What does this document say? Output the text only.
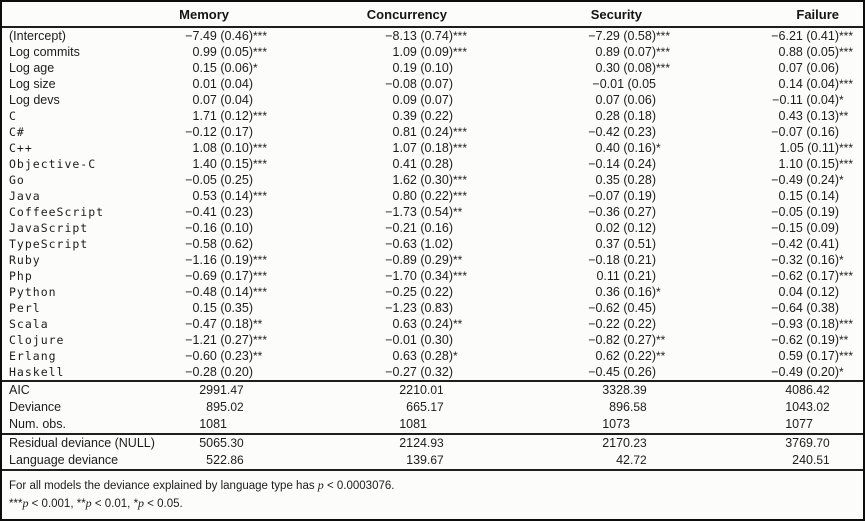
	Memory	Concurrency	Security	Failure
(Intercept)	−7.49 (0.46)***	−8.13 (0.74)***	−7.29 (0.58)***	−6.21 (0.41)***
Log commits	0.99 (0.05)***	1.09 (0.09)***	0.89 (0.07)***	0.88 (0.05)***
Log age	0.15 (0.06)*	0.19 (0.10)	0.30 (0.08)***	0.07 (0.06)
Log size	0.01 (0.04)	−0.08 (0.07)	−0.01 (0.05	0.14 (0.04)***
Log devs	0.07 (0.04)	0.09 (0.07)	0.07 (0.06)	−0.11 (0.04)*
C	1.71 (0.12)***	0.39 (0.22)	0.28 (0.18)	0.43 (0.13)**
C#	−0.12 (0.17)	0.81 (0.24)***	−0.42 (0.23)	−0.07 (0.16)
C++	1.08 (0.10)***	1.07 (0.18)***	0.40 (0.16)*	1.05 (0.11)***
Objective-C	1.40 (0.15)***	0.41 (0.28)	−0.14 (0.24)	1.10 (0.15)***
Go	−0.05 (0.25)	1.62 (0.30)***	0.35 (0.28)	−0.49 (0.24)*
Java	0.53 (0.14)***	0.80 (0.22)***	−0.07 (0.19)	0.15 (0.14)
CoffeeScript	−0.41 (0.23)	−1.73 (0.54)**	−0.36 (0.27)	−0.05 (0.19)
JavaScript	−0.16 (0.10)	−0.21 (0.16)	0.02 (0.12)	−0.15 (0.09)
TypeScript	−0.58 (0.62)	−0.63 (1.02)	0.37 (0.51)	−0.42 (0.41)
Ruby	−1.16 (0.19)***	−0.89 (0.29)**	−0.18 (0.21)	−0.32 (0.16)*
Php	−0.69 (0.17)***	−1.70 (0.34)***	0.11 (0.21)	−0.62 (0.17)***
Python	−0.48 (0.14)***	−0.25 (0.22)	0.36 (0.16)*	0.04 (0.12)
Perl	0.15 (0.35)	−1.23 (0.83)	−0.62 (0.45)	−0.64 (0.38)
Scala	−0.47 (0.18)**	0.63 (0.24)**	−0.22 (0.22)	−0.93 (0.18)***
Clojure	−1.21 (0.27)***	−0.01 (0.30)	−0.82 (0.27)**	−0.62 (0.19)**
Erlang	−0.60 (0.23)**	0.63 (0.28)*	0.62 (0.22)**	0.59 (0.17)***
Haskell	−0.28 (0.20)	−0.27 (0.32)	−0.45 (0.26)	−0.49 (0.20)*
AIC	2991.47	2210.01	3328.39	4086.42
Deviance	895.02	665.17	896.58	1043.02
Num. obs.	1081	1081	1073	1077
Residual deviance (NULL)	5065.30	2124.93	2170.23	3769.70
Language deviance	522.86	139.67	42.72	240.51
For all models the deviance explained by language type has p < 0.0003076.
***p < 0.001, **p < 0.01, *p < 0.05.
